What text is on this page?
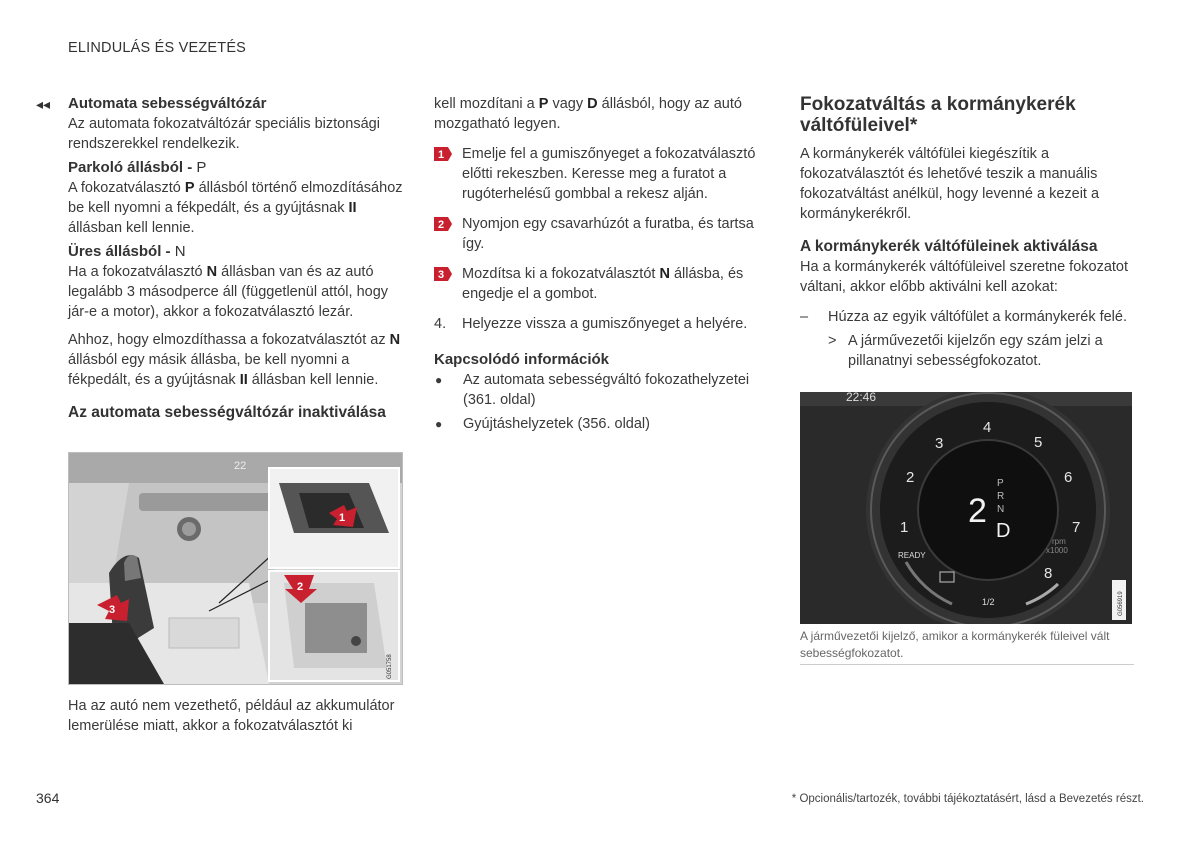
ELINDULÁS ÉS VEZETÉS
◂◂ Automata sebességváltózár

Az automata fokozatváltózár speciális biztonsági rendszerekkel rendelkezik.

Parkoló állásból - P

A fokozatválasztó P állásból történő elmozdításához be kell nyomni a fékpedált, és a gyújtásnak II állásban kell lennie.

Üres állásból - N

Ha a fokozatválasztó N állásban van és az autó legalább 3 másodperce áll (függetlenül attól, hogy jár-e a motor), akkor a fokozatválasztó lezár.

Ahhoz, hogy elmozdíthassa a fokozatválasztót az N állásból egy másik állásba, be kell nyomni a fékpedált, és a gyújtásnak II állásban kell lennie.

Az automata sebességváltózár inaktiválása
22
3
1
2
G051758
Ha az autó nem vezethető, például az akkumulátor lemerülése miatt, akkor a fokozatválasztót ki

kell mozdítani a P vagy D állásból, hogy az autó mozgatható legyen.

1 Emelje fel a gumiszőnyeget a fokozatválasztó előtti rekeszben. Keresse meg a furatot a rugóterhelésű gombbal a rekesz alján.
2 Nyomjon egy csavarhúzót a furatba, és tartsa így.
3 Mozdítsa ki a fokozatválasztót N állásba, és engedje el a gombot.
4.	Helyezze vissza a gumiszőnyeget a helyére.
Kapcsolódó információk
●	Az automata sebességváltó fokozathelyzetei (361. oldal)
●	Gyújtáshelyzetek (356. oldal)
Fokozatváltás a kormánykerék váltófüleivel*

A kormánykerék váltófülei kiegészítik a fokozatválasztót és lehetővé teszik a manuális fokozatváltást anélkül, hogy levenné a kezeit a kormánykerékről.

A kormánykerék váltófüleinek aktiválása

Ha a kormánykerék váltófüleivel szeretne fokozatot váltani, akkor előbb aktiválni kell azokat:

–	Húzza az egyik váltófület a kormánykerék felé.
> A járművezetői kijelzőn egy szám jelzi a pillanatnyi sebességfokozatot.
22:46
READY
1/2
1
2
3
4
5
6
7
8
2
P
R
N
D	rpm
x1000
G056919
A járművezetői kijelző, amikor a kormánykerék füleivel vált sebességfokozatot.
364	* Opcionális/tartozék, további tájékoztatásért, lásd a Bevezetés részt.
